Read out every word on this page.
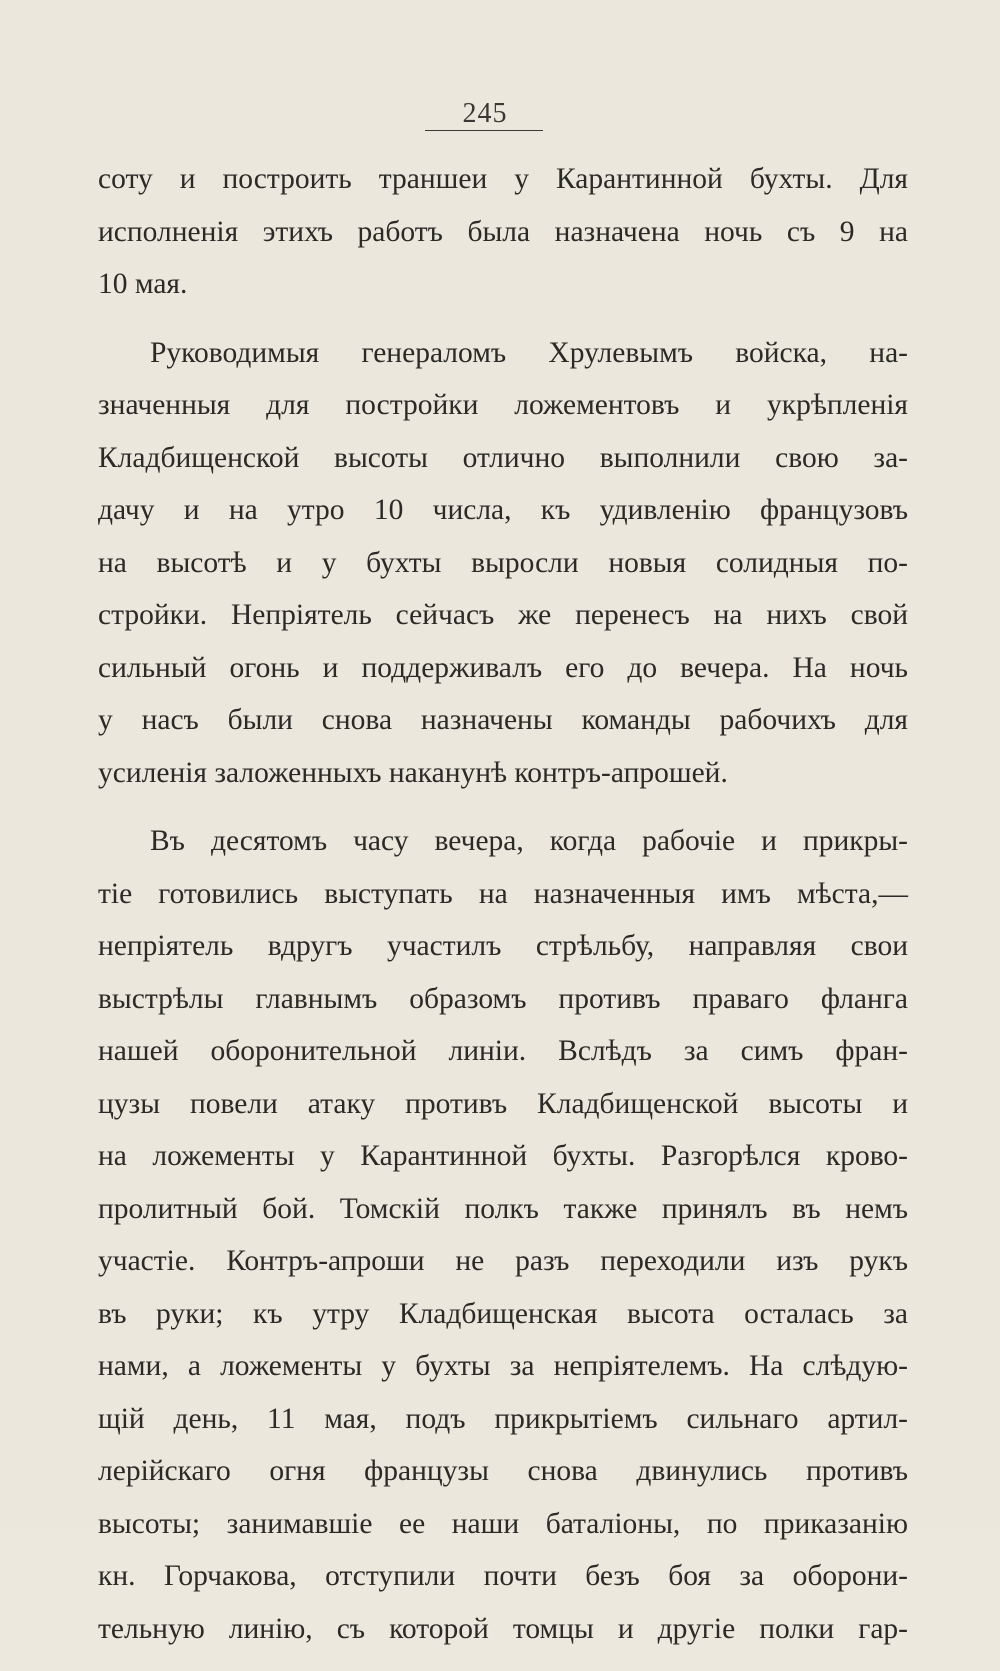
245
соту и построить траншеи у Карантинной бухты. Для
исполненія этихъ работъ была назначена ночь съ 9 на
10 мая.
Руководимыя генераломъ Хрулевымъ войска, на-
значенныя для постройки ложементовъ и укрѣпленія
Кладбищенской высоты отлично выполнили свою за-
дачу и на утро 10 числа, къ удивленію французовъ
на высотѣ и у бухты выросли новыя солидныя по-
стройки. Непріятель сейчасъ же перенесъ на нихъ свой
сильный огонь и поддерживалъ его до вечера. На ночь
у насъ были снова назначены команды рабочихъ для
усиленія заложенныхъ наканунѣ контръ-апрошей.
Въ десятомъ часу вечера, когда рабочіе и прикры-
тіе готовились выступать на назначенныя имъ мѣста,—
непріятель вдругъ участилъ стрѣльбу, направляя свои
выстрѣлы главнымъ образомъ противъ праваго фланга
нашей оборонительной линіи. Вслѣдъ за симъ фран-
цузы повели атаку противъ Кладбищенской высоты и
на ложементы у Карантинной бухты. Разгорѣлся крово-
пролитный бой. Томскій полкъ также принялъ въ немъ
участіе. Контръ-апроши не разъ переходили изъ рукъ
въ руки; къ утру Кладбищенская высота осталась за
нами, а ложементы у бухты за непріятелемъ. На слѣдую-
щій день, 11 мая, подъ прикрытіемъ сильнаго артил-
лерійскаго огня французы снова двинулись противъ
высоты; занимавшіе ее наши баталіоны, по приказанію
кн. Горчакова, отступили почти безъ боя за оборони-
тельную линію, съ которой томцы и другіе полки гар-
